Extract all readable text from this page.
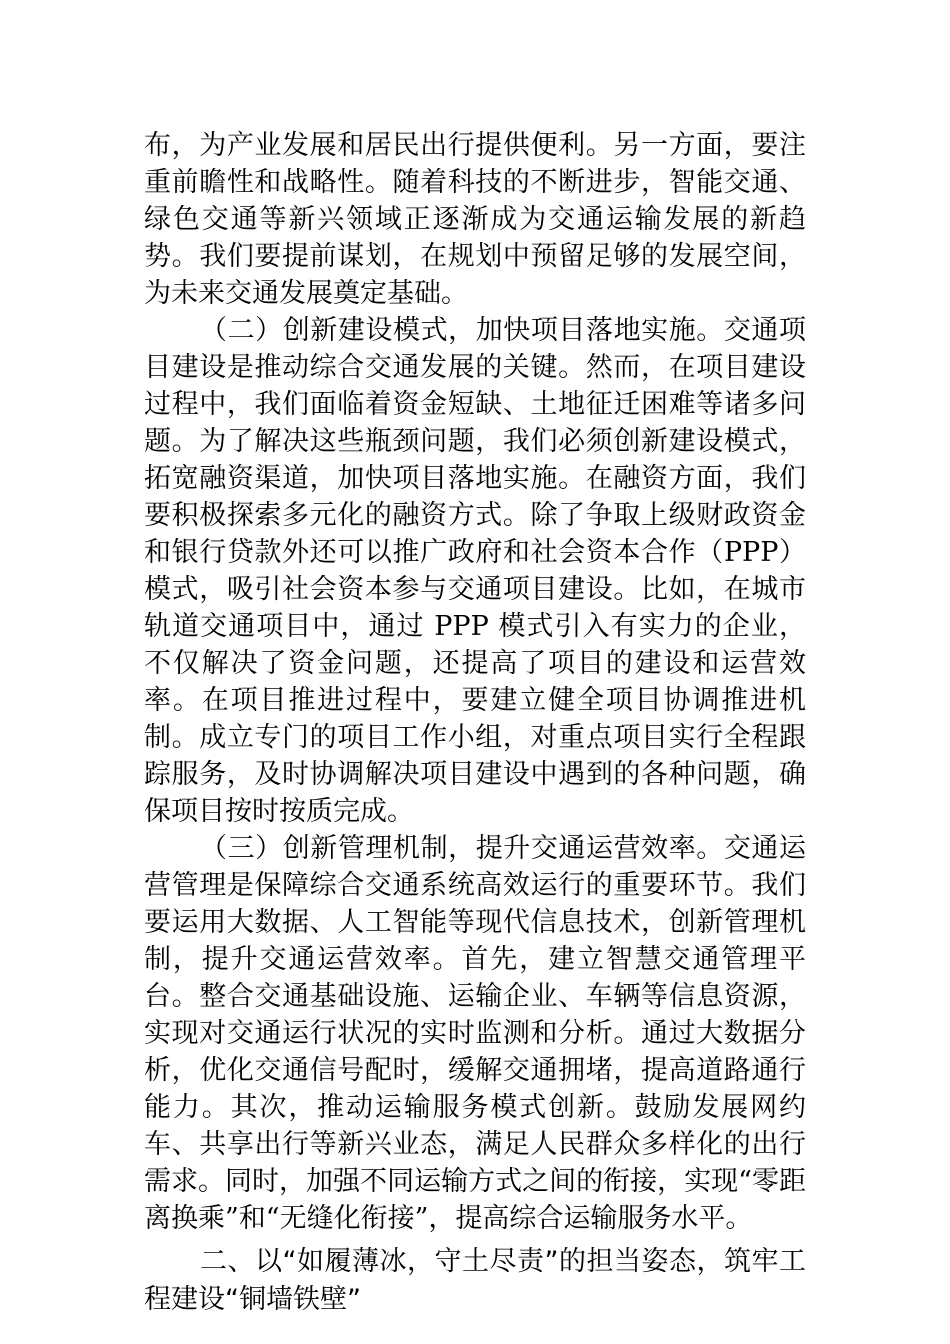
布，为产业发展和居民出行提供便利。另一方面，要注重前瞻性和战略性。随着科技的不断进步，智能交通、绿色交通等新兴领域正逐渐成为交通运输发展的新趋势。我们要提前谋划，在规划中预留足够的发展空间，为未来交通发展奠定基础。

（二）创新建设模式，加快项目落地实施。交通项目建设是推动综合交通发展的关键。然而，在项目建设过程中，我们面临着资金短缺、土地征迁困难等诸多问题。为了解决这些瓶颈问题，我们必须创新建设模式，拓宽融资渠道，加快项目落地实施。在融资方面，我们要积极探索多元化的融资方式。除了争取上级财政资金和银行贷款外还可以推广政府和社会资本合作（PPP）模式，吸引社会资本参与交通项目建设。比如，在城市轨道交通项目中，通过 PPP 模式引入有实力的企业，不仅解决了资金问题，还提高了项目的建设和运营效率。在项目推进过程中，要建立健全项目协调推进机制。成立专门的项目工作小组，对重点项目实行全程跟踪服务，及时协调解决项目建设中遇到的各种问题，确保项目按时按质完成。

（三）创新管理机制，提升交通运营效率。交通运营管理是保障综合交通系统高效运行的重要环节。我们要运用大数据、人工智能等现代信息技术，创新管理机制，提升交通运营效率。首先，建立智慧交通管理平台。整合交通基础设施、运输企业、车辆等信息资源，实现对交通运行状况的实时监测和分析。通过大数据分析，优化交通信号配时，缓解交通拥堵，提高道路通行能力。其次，推动运输服务模式创新。鼓励发展网约车、共享出行等新兴业态，满足人民群众多样化的出行需求。同时，加强不同运输方式之间的衔接，实现“零距离换乘”和“无缝化衔接”，提高综合运输服务水平。

二、以“如履薄冰，守土尽责”的担当姿态，筑牢工程建设“铜墙铁壁”
